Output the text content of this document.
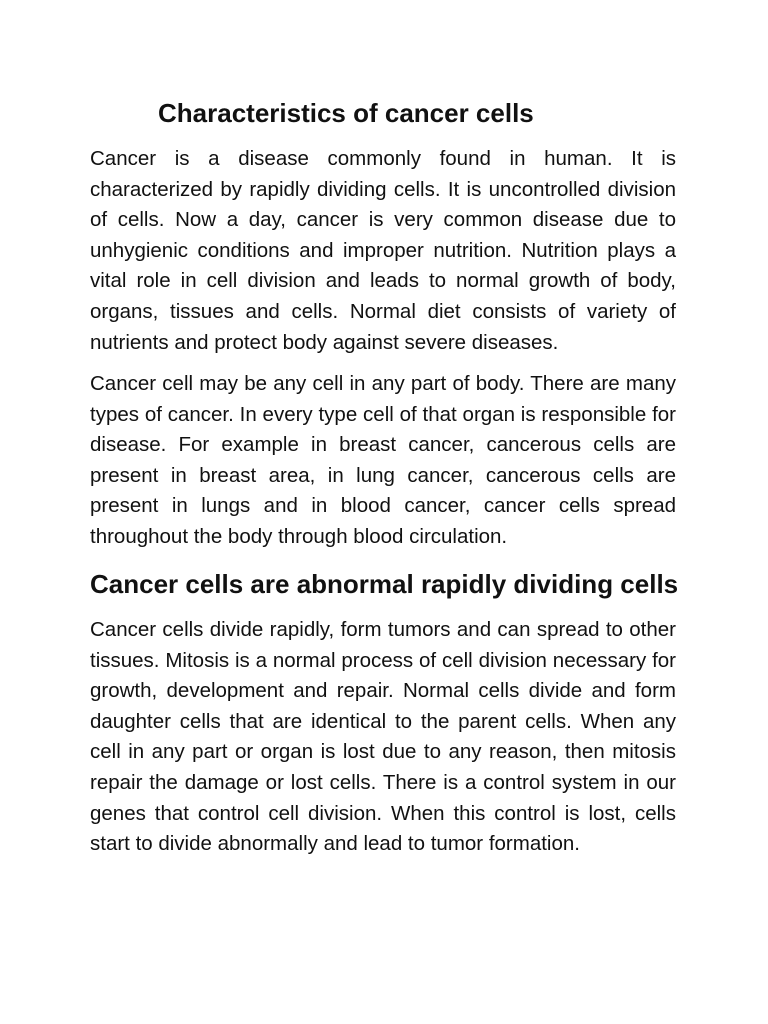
Characteristics of cancer cells

Cancer is a disease commonly found in human. It is characterized by rapidly dividing cells. It is uncontrolled division of cells. Now a day, cancer is very common disease due to unhygienic conditions and improper nutrition. Nutrition plays a vital role in cell division and leads to normal growth of body, organs, tissues and cells. Normal diet consists of variety of nutrients and protect body against severe diseases.

Cancer cell may be any cell in any part of body. There are many types of cancer. In every type cell of that organ is responsible for disease. For example in breast cancer, cancerous cells are present in breast area, in lung cancer, cancerous cells are present in lungs and in blood cancer, cancer cells spread throughout the body through blood circulation.

Cancer cells are abnormal rapidly dividing cells

Cancer cells divide rapidly, form tumors and can spread to other tissues. Mitosis is a normal process of cell division necessary for growth, development and repair. Normal cells divide and form daughter cells that are identical to the parent cells. When any cell in any part or organ is lost due to any reason, then mitosis repair the damage or lost cells. There is a control system in our genes that control cell division. When this control is lost, cells start to divide abnormally and lead to tumor formation.
